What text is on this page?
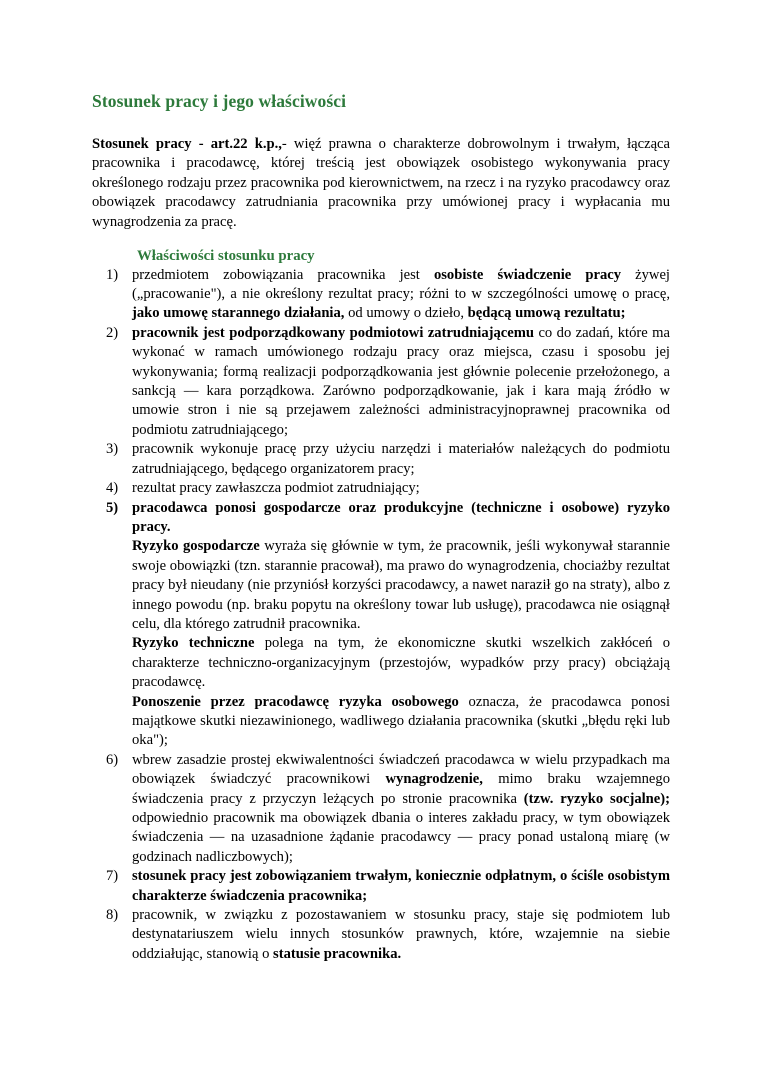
Stosunek pracy i jego właściwości

Stosunek pracy - art.22 k.p.,- więź prawna o charakterze dobrowolnym i trwałym, łącząca pracownika i pracodawcę, której treścią jest obowiązek osobistego wykonywania pracy określonego rodzaju przez pracownika pod kierownictwem, na rzecz i na ryzyko pracodawcy oraz obowiązek pracodawcy zatrudniania pracownika przy umówionej pracy i wypłacania mu wynagrodzenia za pracę.

Właściwości stosunku pracy
1) przedmiotem zobowiązania pracownika jest osobiste świadczenie pracy żywej („pracowanie"), a nie określony rezultat pracy; różni to w szczególności umowę o pracę, jako umowę starannego działania, od umowy o dzieło, będącą umową rezultatu;
2) pracownik jest podporządkowany podmiotowi zatrudniającemu co do zadań, które ma wykonać w ramach umówionego rodzaju pracy oraz miejsca, czasu i sposobu jej wykonywania; formą realizacji podporządkowania jest głównie polecenie przełożonego, a sankcją — kara porządkowa. Zarówno podporządkowanie, jak i kara mają źródło w umowie stron i nie są przejawem zależności administracyjnoprawnej pracownika od podmiotu zatrudniającego;
3) pracownik wykonuje pracę przy użyciu narzędzi i materiałów należących do podmiotu zatrudniającego, będącego organizatorem pracy;
4) rezultat pracy zawłaszcza podmiot zatrudniający;
5) pracodawca ponosi gospodarcze oraz produkcyjne (techniczne i osobowe) ryzyko pracy.
Ryzyko gospodarcze wyraża się głównie w tym, że pracownik, jeśli wykonywał starannie swoje obowiązki (tzn. starannie pracował), ma prawo do wynagrodzenia, chociażby rezultat pracy był nieudany (nie przyniósł korzyści pracodawcy, a nawet naraził go na straty), albo z innego powodu (np. braku popytu na określony towar lub usługę), pracodawca nie osiągnął celu, dla którego zatrudnił pracownika.
Ryzyko techniczne polega na tym, że ekonomiczne skutki wszelkich zakłóceń o charakterze techniczno-organizacyjnym (przestojów, wypadków przy pracy) obciążają pracodawcę.
Ponoszenie przez pracodawcę ryzyka osobowego oznacza, że pracodawca ponosi majątkowe skutki niezawinionego, wadliwego działania pracownika (skutki „błędu ręki lub oka");
6) wbrew zasadzie prostej ekwiwalentności świadczeń pracodawca w wielu przypadkach ma obowiązek świadczyć pracownikowi wynagrodzenie, mimo braku wzajemnego świadczenia pracy z przyczyn leżących po stronie pracownika (tzw. ryzyko socjalne); odpowiednio pracownik ma obowiązek dbania o interes zakładu pracy, w tym obowiązek świadczenia — na uzasadnione żądanie pracodawcy — pracy ponad ustaloną miarę (w godzinach nadliczbowych);
7) stosunek pracy jest zobowiązaniem trwałym, koniecznie odpłatnym, o ściśle osobistym charakterze świadczenia pracownika;
8) pracownik, w związku z pozostawaniem w stosunku pracy, staje się podmiotem lub destynatariuszem wielu innych stosunków prawnych, które, wzajemnie na siebie oddziałując, stanowią o statusie pracownika.
